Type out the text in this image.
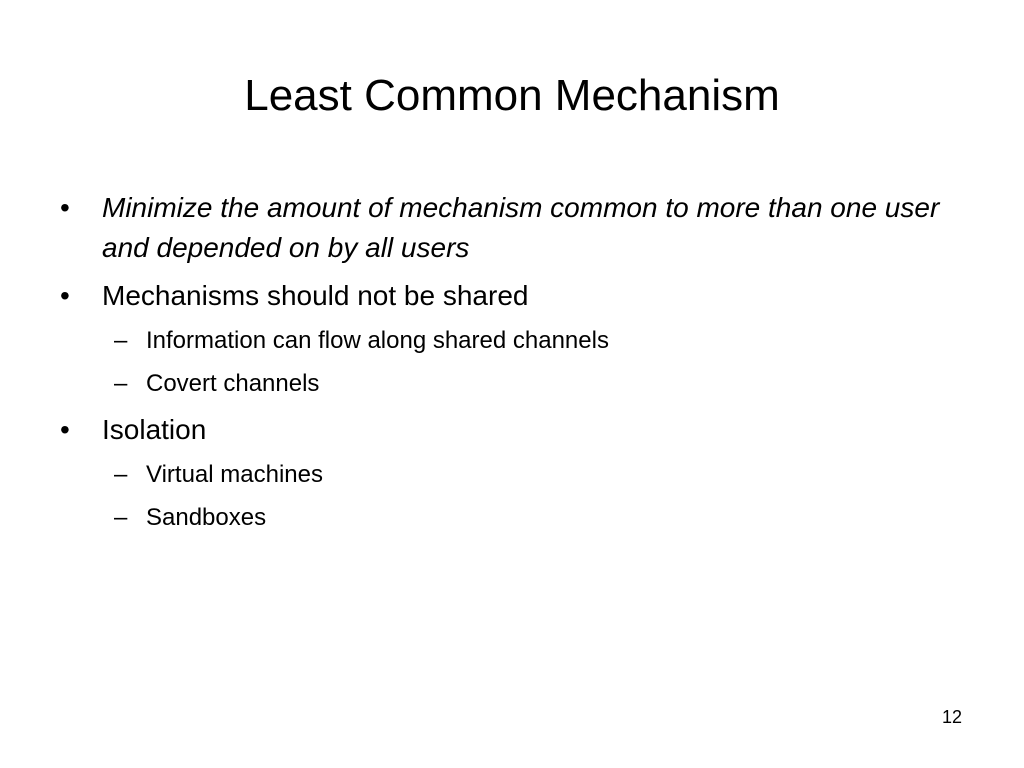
Least Common Mechanism
•	Minimize the amount of mechanism common to more than one user and depended on by all users
•	Mechanisms should not be shared
– Information can flow along shared channels
– Covert channels
•	Isolation
– Virtual machines
– Sandboxes
12
